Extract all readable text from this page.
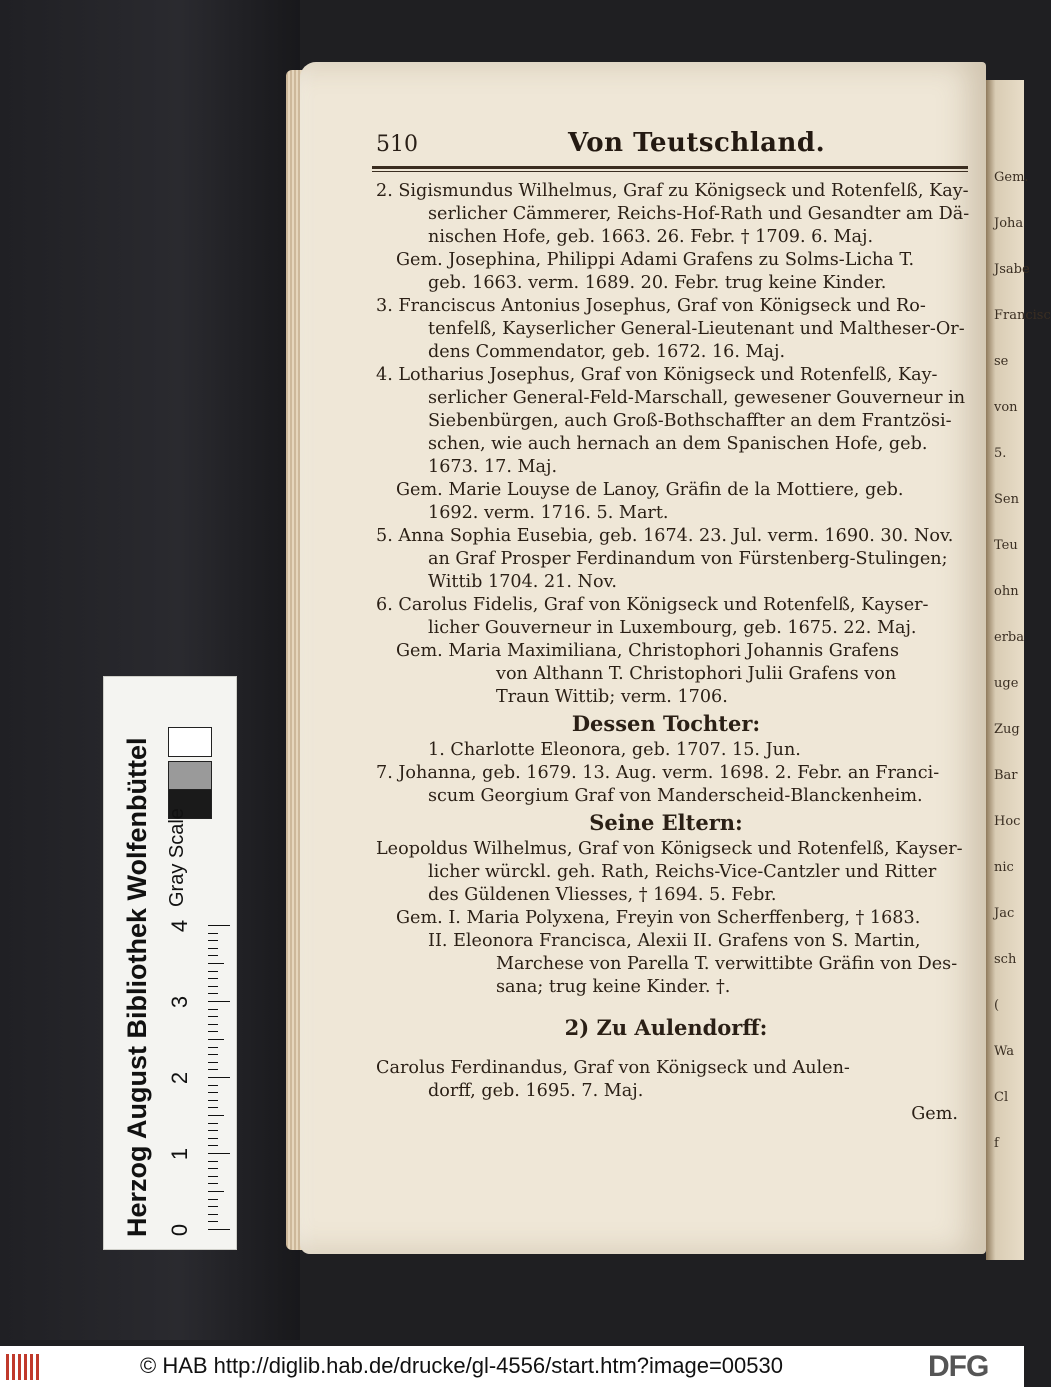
Gem.
Joha
Jsabe
Francisc
se
von
5.
Sen
Teu
ohn
erba
uge
Zug
Bar
Hoc
nic
Jac
sch
(
Wa
Cl
f
510	Von Teutschland.
2. Sigismundus Wilhelmus, Graf zu Königseck und Rotenfelß, Kay-
serlicher Cämmerer, Reichs-Hof-Rath und Gesandter am Dä-
nischen Hofe, geb. 1663. 26. Febr. † 1709. 6. Maj.
Gem. Josephina, Philippi Adami Grafens zu Solms-Licha T.
geb. 1663. verm. 1689. 20. Febr. trug keine Kinder.
3. Franciscus Antonius Josephus, Graf von Königseck und Ro-
tenfelß, Kayserlicher General-Lieutenant und Maltheser-Or-
dens Commendator, geb. 1672. 16. Maj.
4. Lotharius Josephus, Graf von Königseck und Rotenfelß, Kay-
serlicher General-Feld-Marschall, gewesener Gouverneur in
Siebenbürgen, auch Groß-Bothschaffter an dem Frantzösi-
schen, wie auch hernach an dem Spanischen Hofe, geb.
1673. 17. Maj.
Gem. Marie Louyse de Lanoy, Gräfin de la Mottiere, geb.
1692. verm. 1716. 5. Mart.
5. Anna Sophia Eusebia, geb. 1674. 23. Jul. verm. 1690. 30. Nov.
an Graf Prosper Ferdinandum von Fürstenberg-Stulingen;
Wittib 1704. 21. Nov.
6. Carolus Fidelis, Graf von Königseck und Rotenfelß, Kayser-
licher Gouverneur in Luxembourg, geb. 1675. 22. Maj.
Gem. Maria Maximiliana, Christophori Johannis Grafens
von Althann T. Christophori Julii Grafens von
Traun Wittib; verm. 1706.
Dessen Tochter:
1. Charlotte Eleonora, geb. 1707. 15. Jun.
7. Johanna, geb. 1679. 13. Aug. verm. 1698. 2. Febr. an Franci-
scum Georgium Graf von Manderscheid-Blanckenheim.
Seine Eltern:
Leopoldus Wilhelmus, Graf von Königseck und Rotenfelß, Kayser-
licher würckl. geh. Rath, Reichs-Vice-Cantzler und Ritter
des Güldenen Vliesses, † 1694. 5. Febr.
Gem. I. Maria Polyxena, Freyin von Scherffenberg, † 1683.
II. Eleonora Francisca, Alexii II. Grafens von S. Martin,
Marchese von Parella T. verwittibte Gräfin von Des-
sana; trug keine Kinder. †.
2) Zu Aulendorff:
Carolus Ferdinandus, Graf von Königseck und Aulen-
dorff, geb. 1695. 7. Maj.
Gem.
Herzog August Bibliothek Wolfenbüttel Gray Scale
0
1
2
3
4
© HAB http://diglib.hab.de/drucke/gl-4556/start.htm?image=00530	DFG
